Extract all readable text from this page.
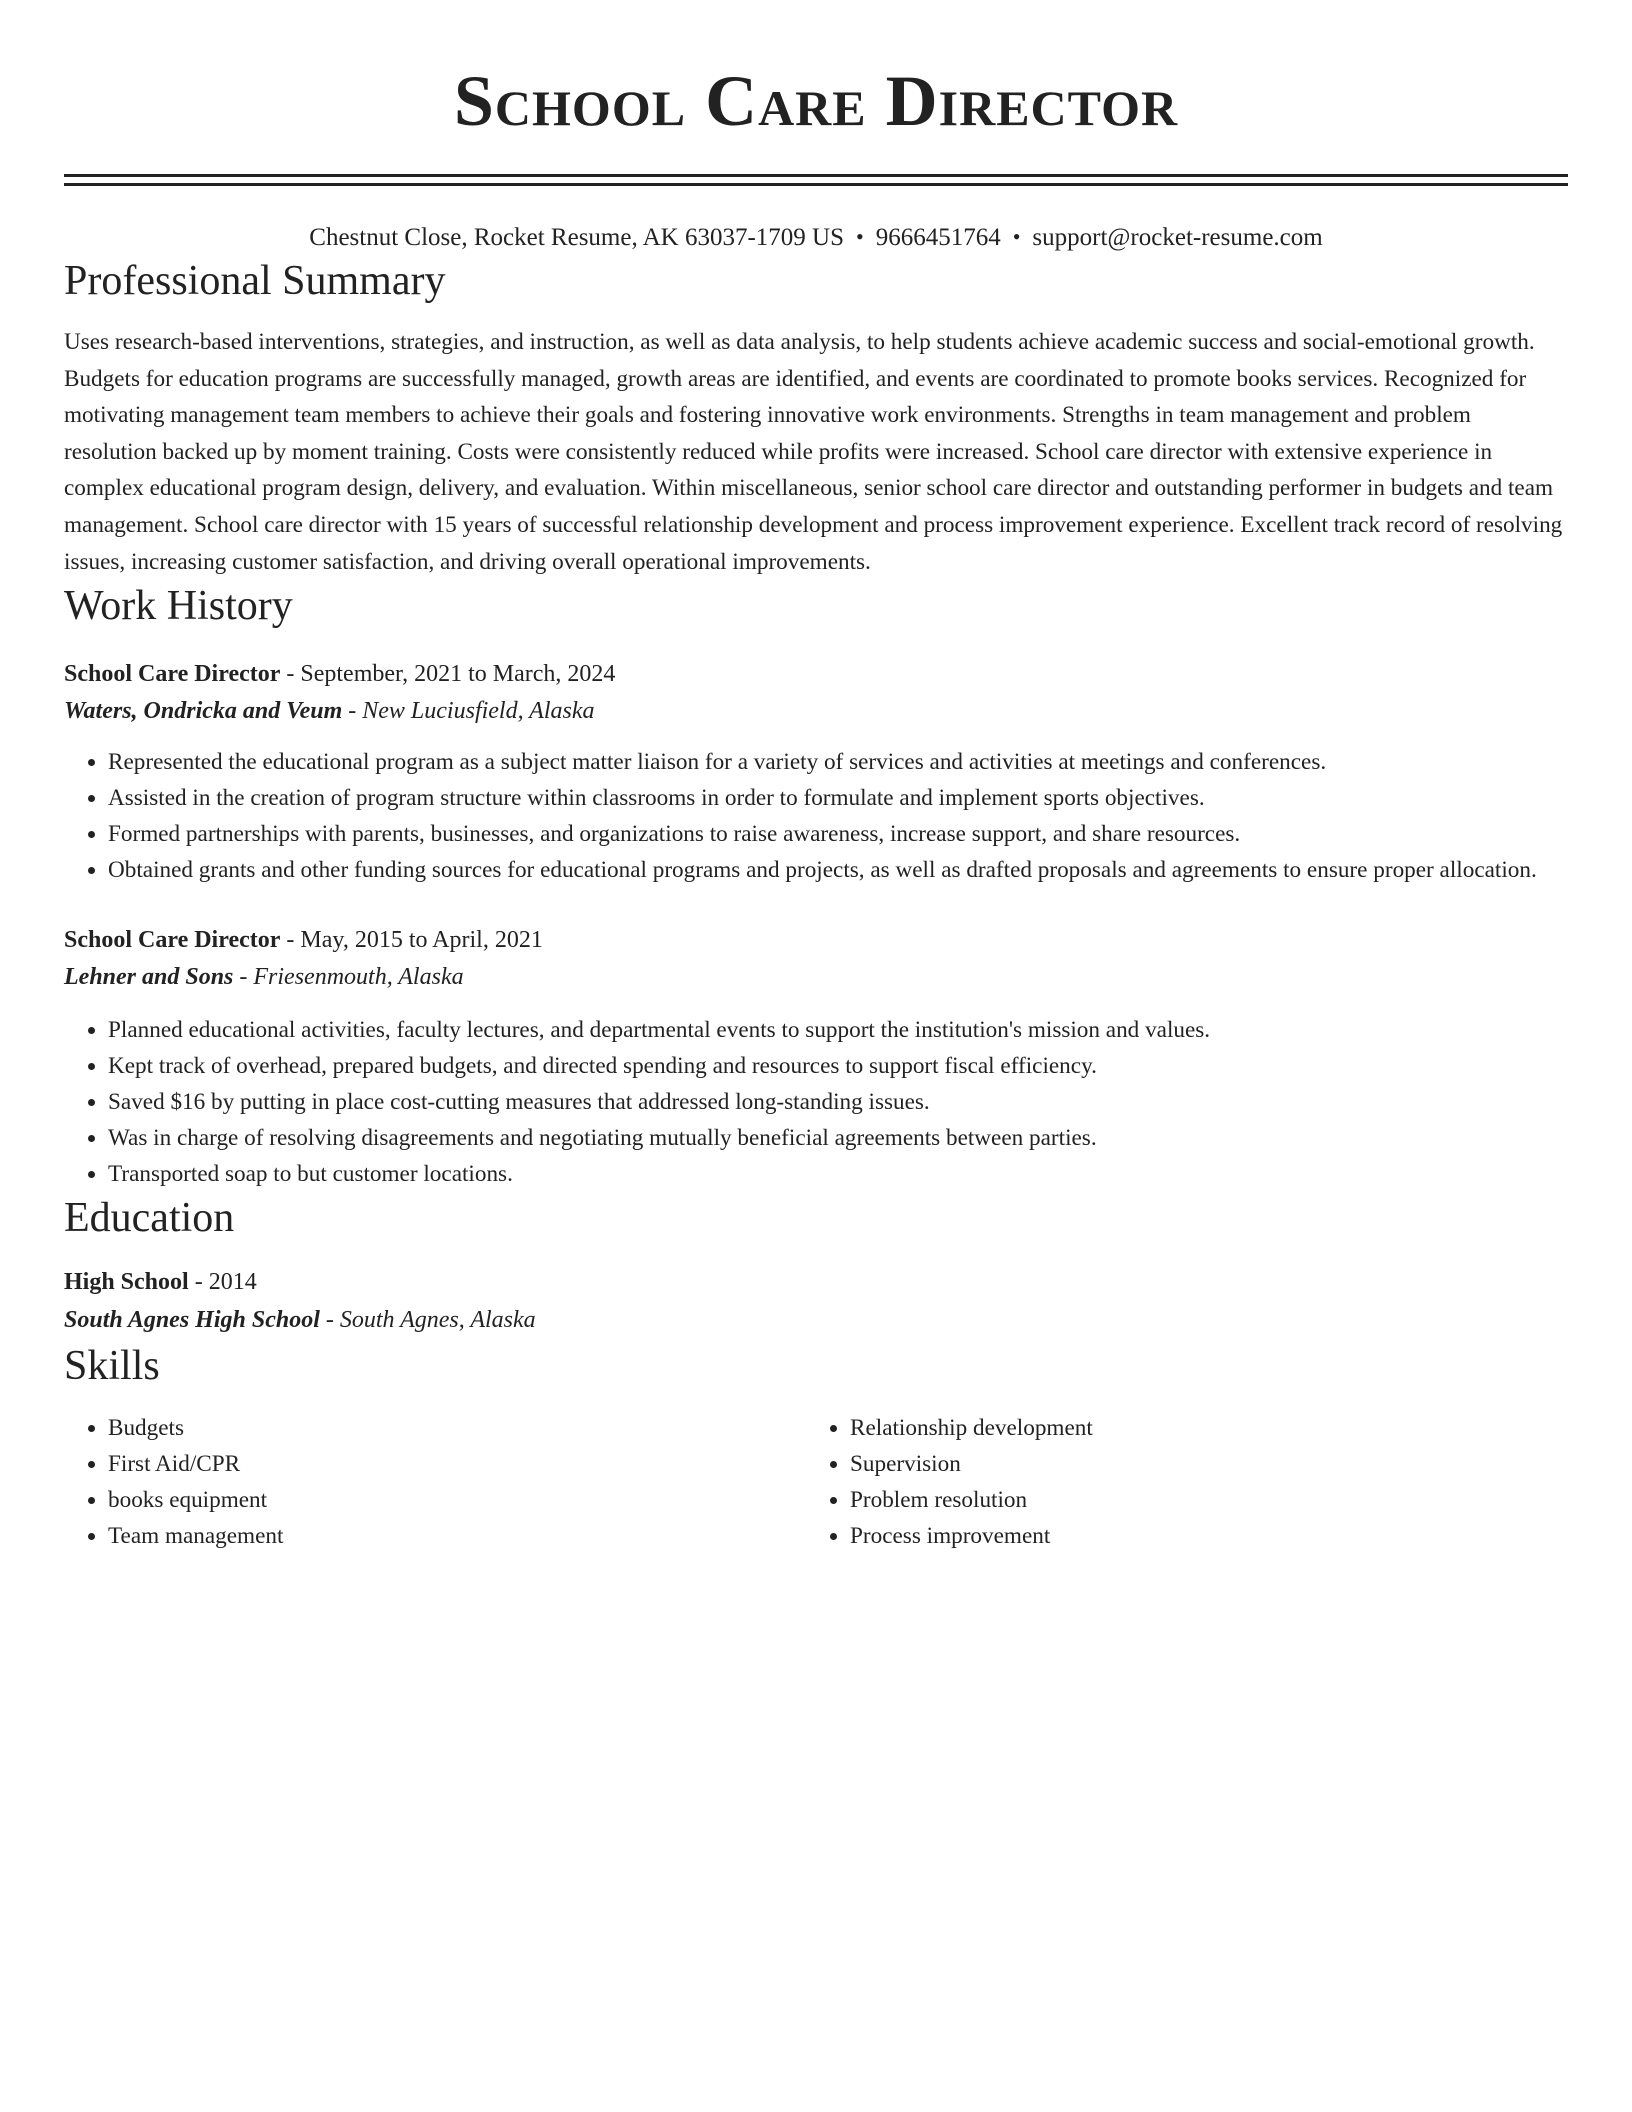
School Care Director
Chestnut Close, Rocket Resume, AK 63037-1709 US • 9666451764 • support@rocket-resume.com
Professional Summary
Uses research-based interventions, strategies, and instruction, as well as data analysis, to help students achieve academic success and social-emotional growth. Budgets for education programs are successfully managed, growth areas are identified, and events are coordinated to promote books services. Recognized for motivating management team members to achieve their goals and fostering innovative work environments. Strengths in team management and problem resolution backed up by moment training. Costs were consistently reduced while profits were increased. School care director with extensive experience in complex educational program design, delivery, and evaluation. Within miscellaneous, senior school care director and outstanding performer in budgets and team management. School care director with 15 years of successful relationship development and process improvement experience. Excellent track record of resolving issues, increasing customer satisfaction, and driving overall operational improvements.
Work History
School Care Director - September, 2021 to March, 2024
Waters, Ondricka and Veum - New Luciusfield, Alaska
• Represented the educational program as a subject matter liaison for a variety of services and activities at meetings and conferences.
• Assisted in the creation of program structure within classrooms in order to formulate and implement sports objectives.
• Formed partnerships with parents, businesses, and organizations to raise awareness, increase support, and share resources.
• Obtained grants and other funding sources for educational programs and projects, as well as drafted proposals and agreements to ensure proper allocation.
School Care Director - May, 2015 to April, 2021
Lehner and Sons - Friesenmouth, Alaska
• Planned educational activities, faculty lectures, and departmental events to support the institution's mission and values.
• Kept track of overhead, prepared budgets, and directed spending and resources to support fiscal efficiency.
• Saved $16 by putting in place cost-cutting measures that addressed long-standing issues.
• Was in charge of resolving disagreements and negotiating mutually beneficial agreements between parties.
• Transported soap to but customer locations.
Education
High School - 2014
South Agnes High School - South Agnes, Alaska
Skills
• Budgets
• First Aid/CPR
• books equipment
• Team management
• Relationship development
• Supervision
• Problem resolution
• Process improvement
